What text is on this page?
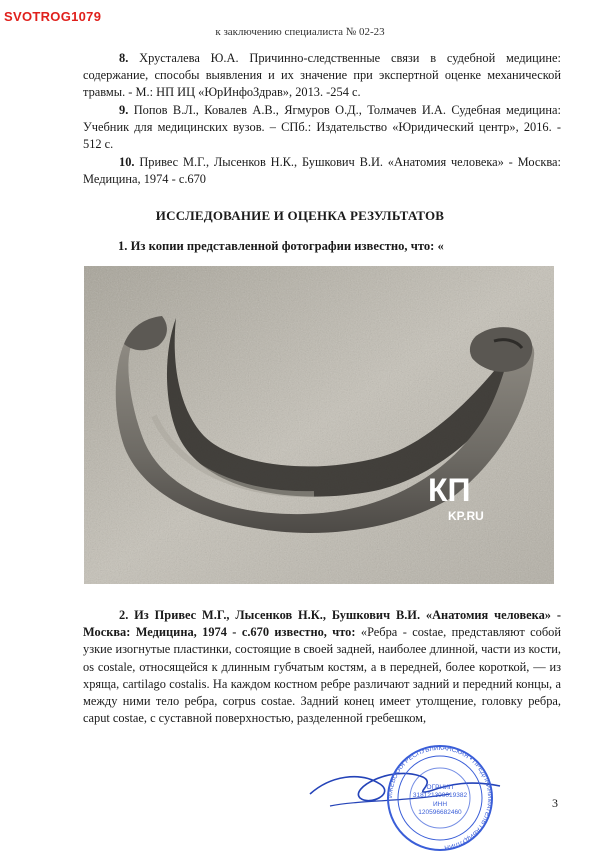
SVOTROG1079
к заключению специалиста № 02-23

8. Хрусталева Ю.А. Причинно-следственные связи в судебной медицине: содержание, способы выявления и их значение при экспертной оценке механической травмы. - М.: НП ИЦ «ЮрИнфоЗдрав», 2013. -254 с.

9. Попов В.Л., Ковалев А.В., Ягмуров О.Д., Толмачев И.А. Судебная медицина: Учебник для медицинских вузов. – СПб.: Издательство «Юридический центр», 2016. - 512 с.

10. Привес М.Г., Лысенков Н.К., Бушкович В.И. «Анатомия человека» - Москва: Медицина, 1974 - с.670

ИССЛЕДОВАНИЕ И ОЦЕНКА РЕЗУЛЬТАТОВ
1. Из копии представленной фотографии известно, что: «
КП
KP.RU

2. Из Привес М.Г., Лысенков Н.К., Бушкович В.И. «Анатомия человека» - Москва: Медицина, 1974 - с.670 известно, что: «Ребра - costae, представляют собой узкие изогнутые пластинки, состоящие в своей задней, наиболее длинной, части из кости, os costale, относящейся к длинным губчатым костям, а в передней, более короткой, — из хряща, cartilago costalis. На каждом костном ребре различают задний и передний концы, а между ними тело ребра, corpus costae. Задний конец имеет утолщение, головку ребра, caput costae, с суставной поверхностью, разделенной гребешком,

ИЖЕВСКАЯ РЕСПУБЛИКАНСКАЯ • ПРЕДПРИНИМАТЕЛЬ ГАБИДУЛЛИН
ОГРНИП
318121300019382
ИНН
120596682460
3
